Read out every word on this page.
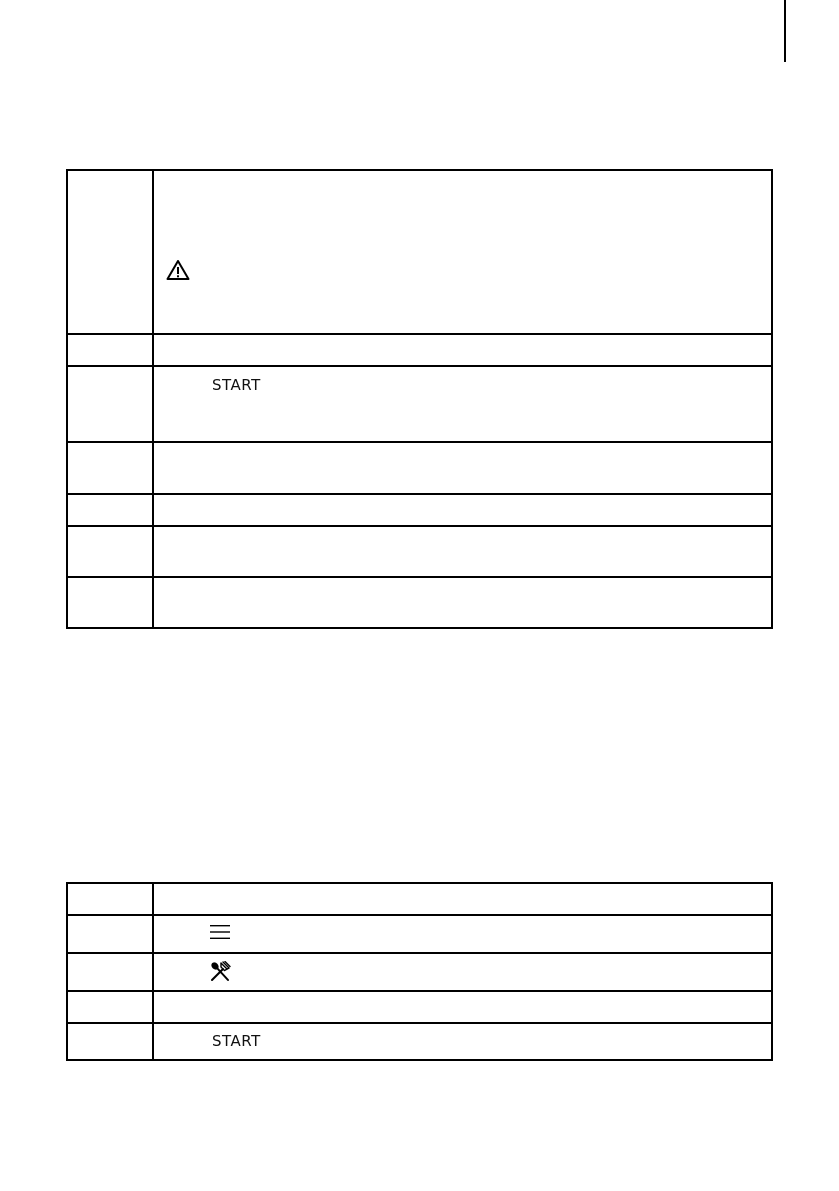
	START

	START
